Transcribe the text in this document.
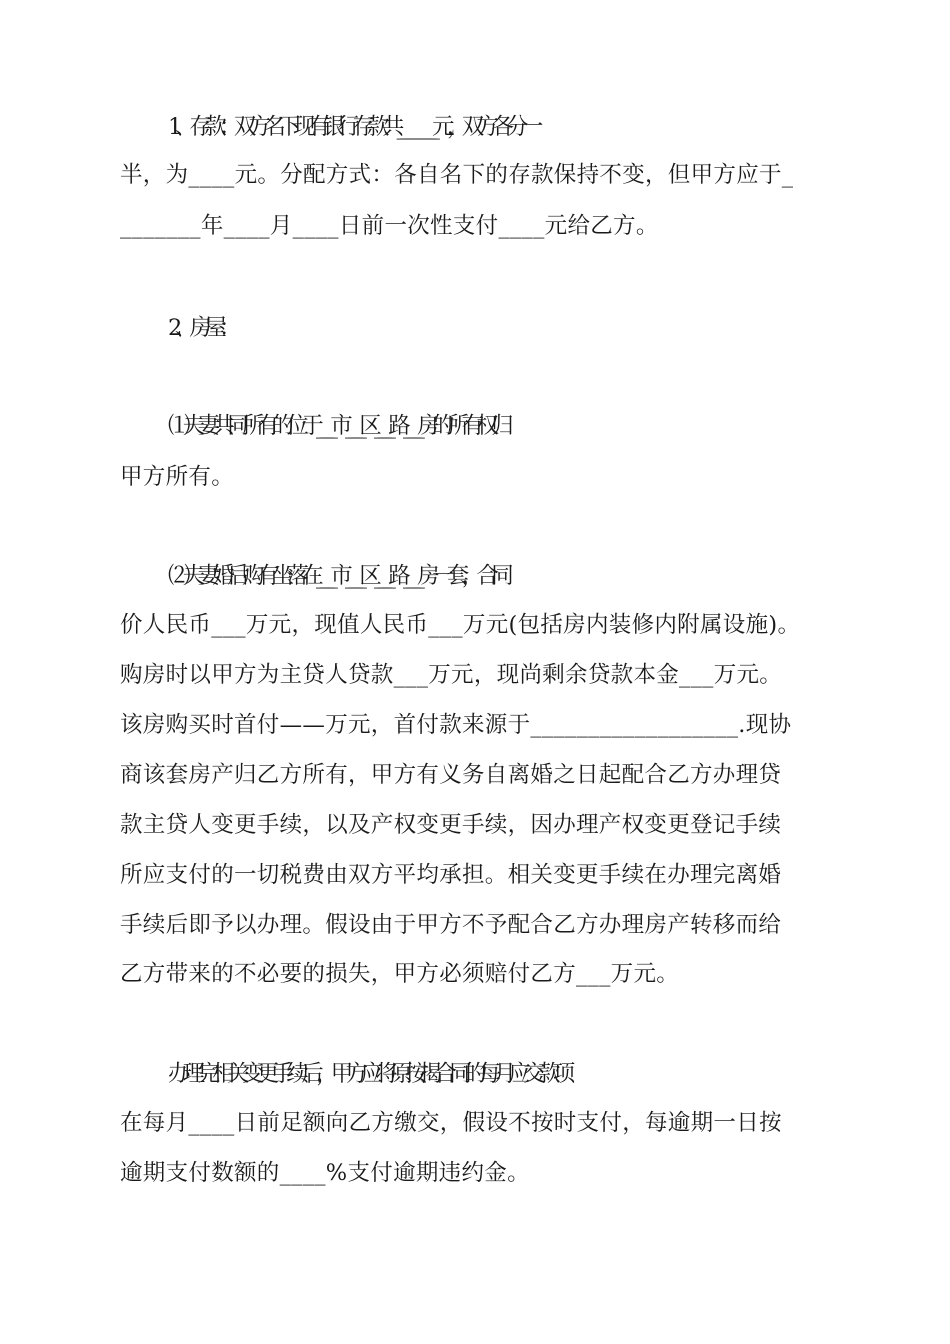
1、存款：双方名下现有银行存款共__________元，双方各分一

半，为____元。分配方式：各自名下的存款保持不变，但甲方应于_

_______年____月____日前一次性支付____元给乙方。

2、房屋：

⑴夫妻共同所有的位于____市____区____路____房的所有权归

甲方所有。

⑵夫妻婚后购有坐落在____市____区____路____房一套，合同

价人民币___万元，现值人民币___万元(包括房内装修内附属设施)。

购房时以甲方为主贷人贷款___万元，现尚剩余贷款本金___万元。

该房购买时首付——万元，首付款来源于__________________.现协

商该套房产归乙方所有，甲方有义务自离婚之日起配合乙方办理贷

款主贷人变更手续，以及产权变更手续，因办理产权变更登记手续

所应支付的一切税费由双方平均承担。相关变更手续在办理完离婚

手续后即予以办理。假设由于甲方不予配合乙方办理房产转移而给

乙方带来的不必要的损失，甲方必须赔付乙方___万元。

办理完相关变更手续后，甲方应将原按揭合同的每月应交款项

在每月____日前足额向乙方缴交，假设不按时支付，每逾期一日按

逾期支付数额的____%支付逾期违约金。
